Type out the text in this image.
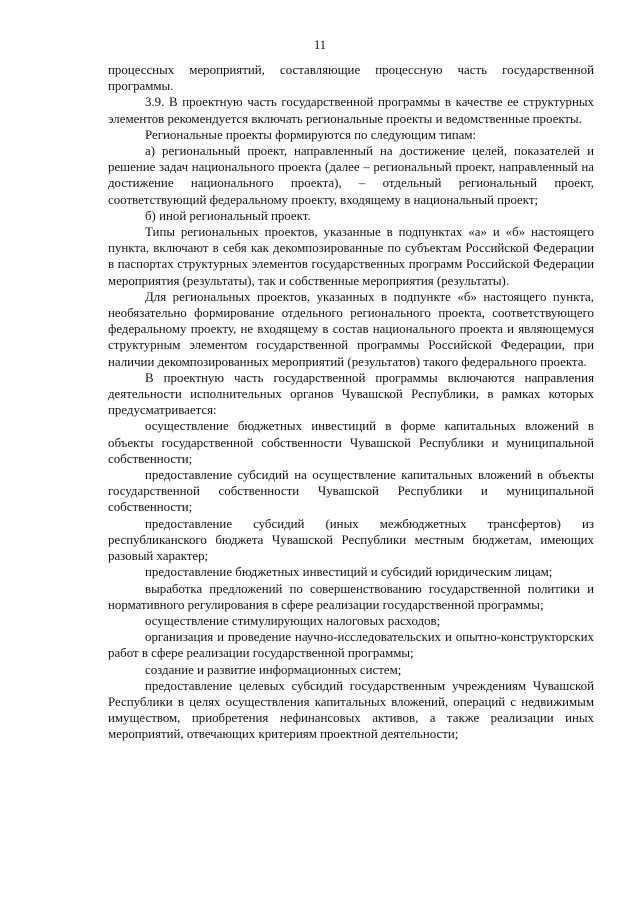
11

процессных мероприятий, составляющие процессную часть государственной программы.

3.9. В проектную часть государственной программы в качестве ее структурных элементов рекомендуется включать региональные проекты и ведомственные проекты.

Региональные проекты формируются по следующим типам:

а) региональный проект, направленный на достижение целей, показателей и решение задач национального проекта (далее – региональный проект, направленный на достижение национального проекта), – отдельный региональный проект, соответствующий федеральному проекту, входящему в национальный проект;

б) иной региональный проект.

Типы региональных проектов, указанные в подпунктах «а» и «б» настоящего пункта, включают в себя как декомпозированные по субъектам Российской Федерации в паспортах структурных элементов государственных программ Российской Федерации мероприятия (результаты), так и собственные мероприятия (результаты).

Для региональных проектов, указанных в подпункте «б» настоящего пункта, необязательно формирование отдельного регионального проекта, соответствующего федеральному проекту, не входящему в состав национального проекта и являющемуся структурным элементом государственной программы Российской Федерации, при наличии декомпозированных мероприятий (результатов) такого федерального проекта.

В проектную часть государственной программы включаются направления деятельности исполнительных органов Чувашской Республики, в рамках которых предусматривается:

осуществление бюджетных инвестиций в форме капитальных вложений в объекты государственной собственности Чувашской Республики и муниципальной собственности;

предоставление субсидий на осуществление капитальных вложений в объекты государственной собственности Чувашской Республики и муниципальной собственности;

предоставление субсидий (иных межбюджетных трансфертов) из республиканского бюджета Чувашской Республики местным бюджетам, имеющих разовый характер;

предоставление бюджетных инвестиций и субсидий юридическим лицам;

выработка предложений по совершенствованию государственной политики и нормативного регулирования в сфере реализации государственной программы;

осуществление стимулирующих налоговых расходов;

организация и проведение научно-исследовательских и опытно-конструкторских работ в сфере реализации государственной программы;

создание и развитие информационных систем;

предоставление целевых субсидий государственным учреждениям Чувашской Республики в целях осуществления капитальных вложений, операций с недвижимым имуществом, приобретения нефинансовых активов, а также реализации иных мероприятий, отвечающих критериям проектной деятельности;
